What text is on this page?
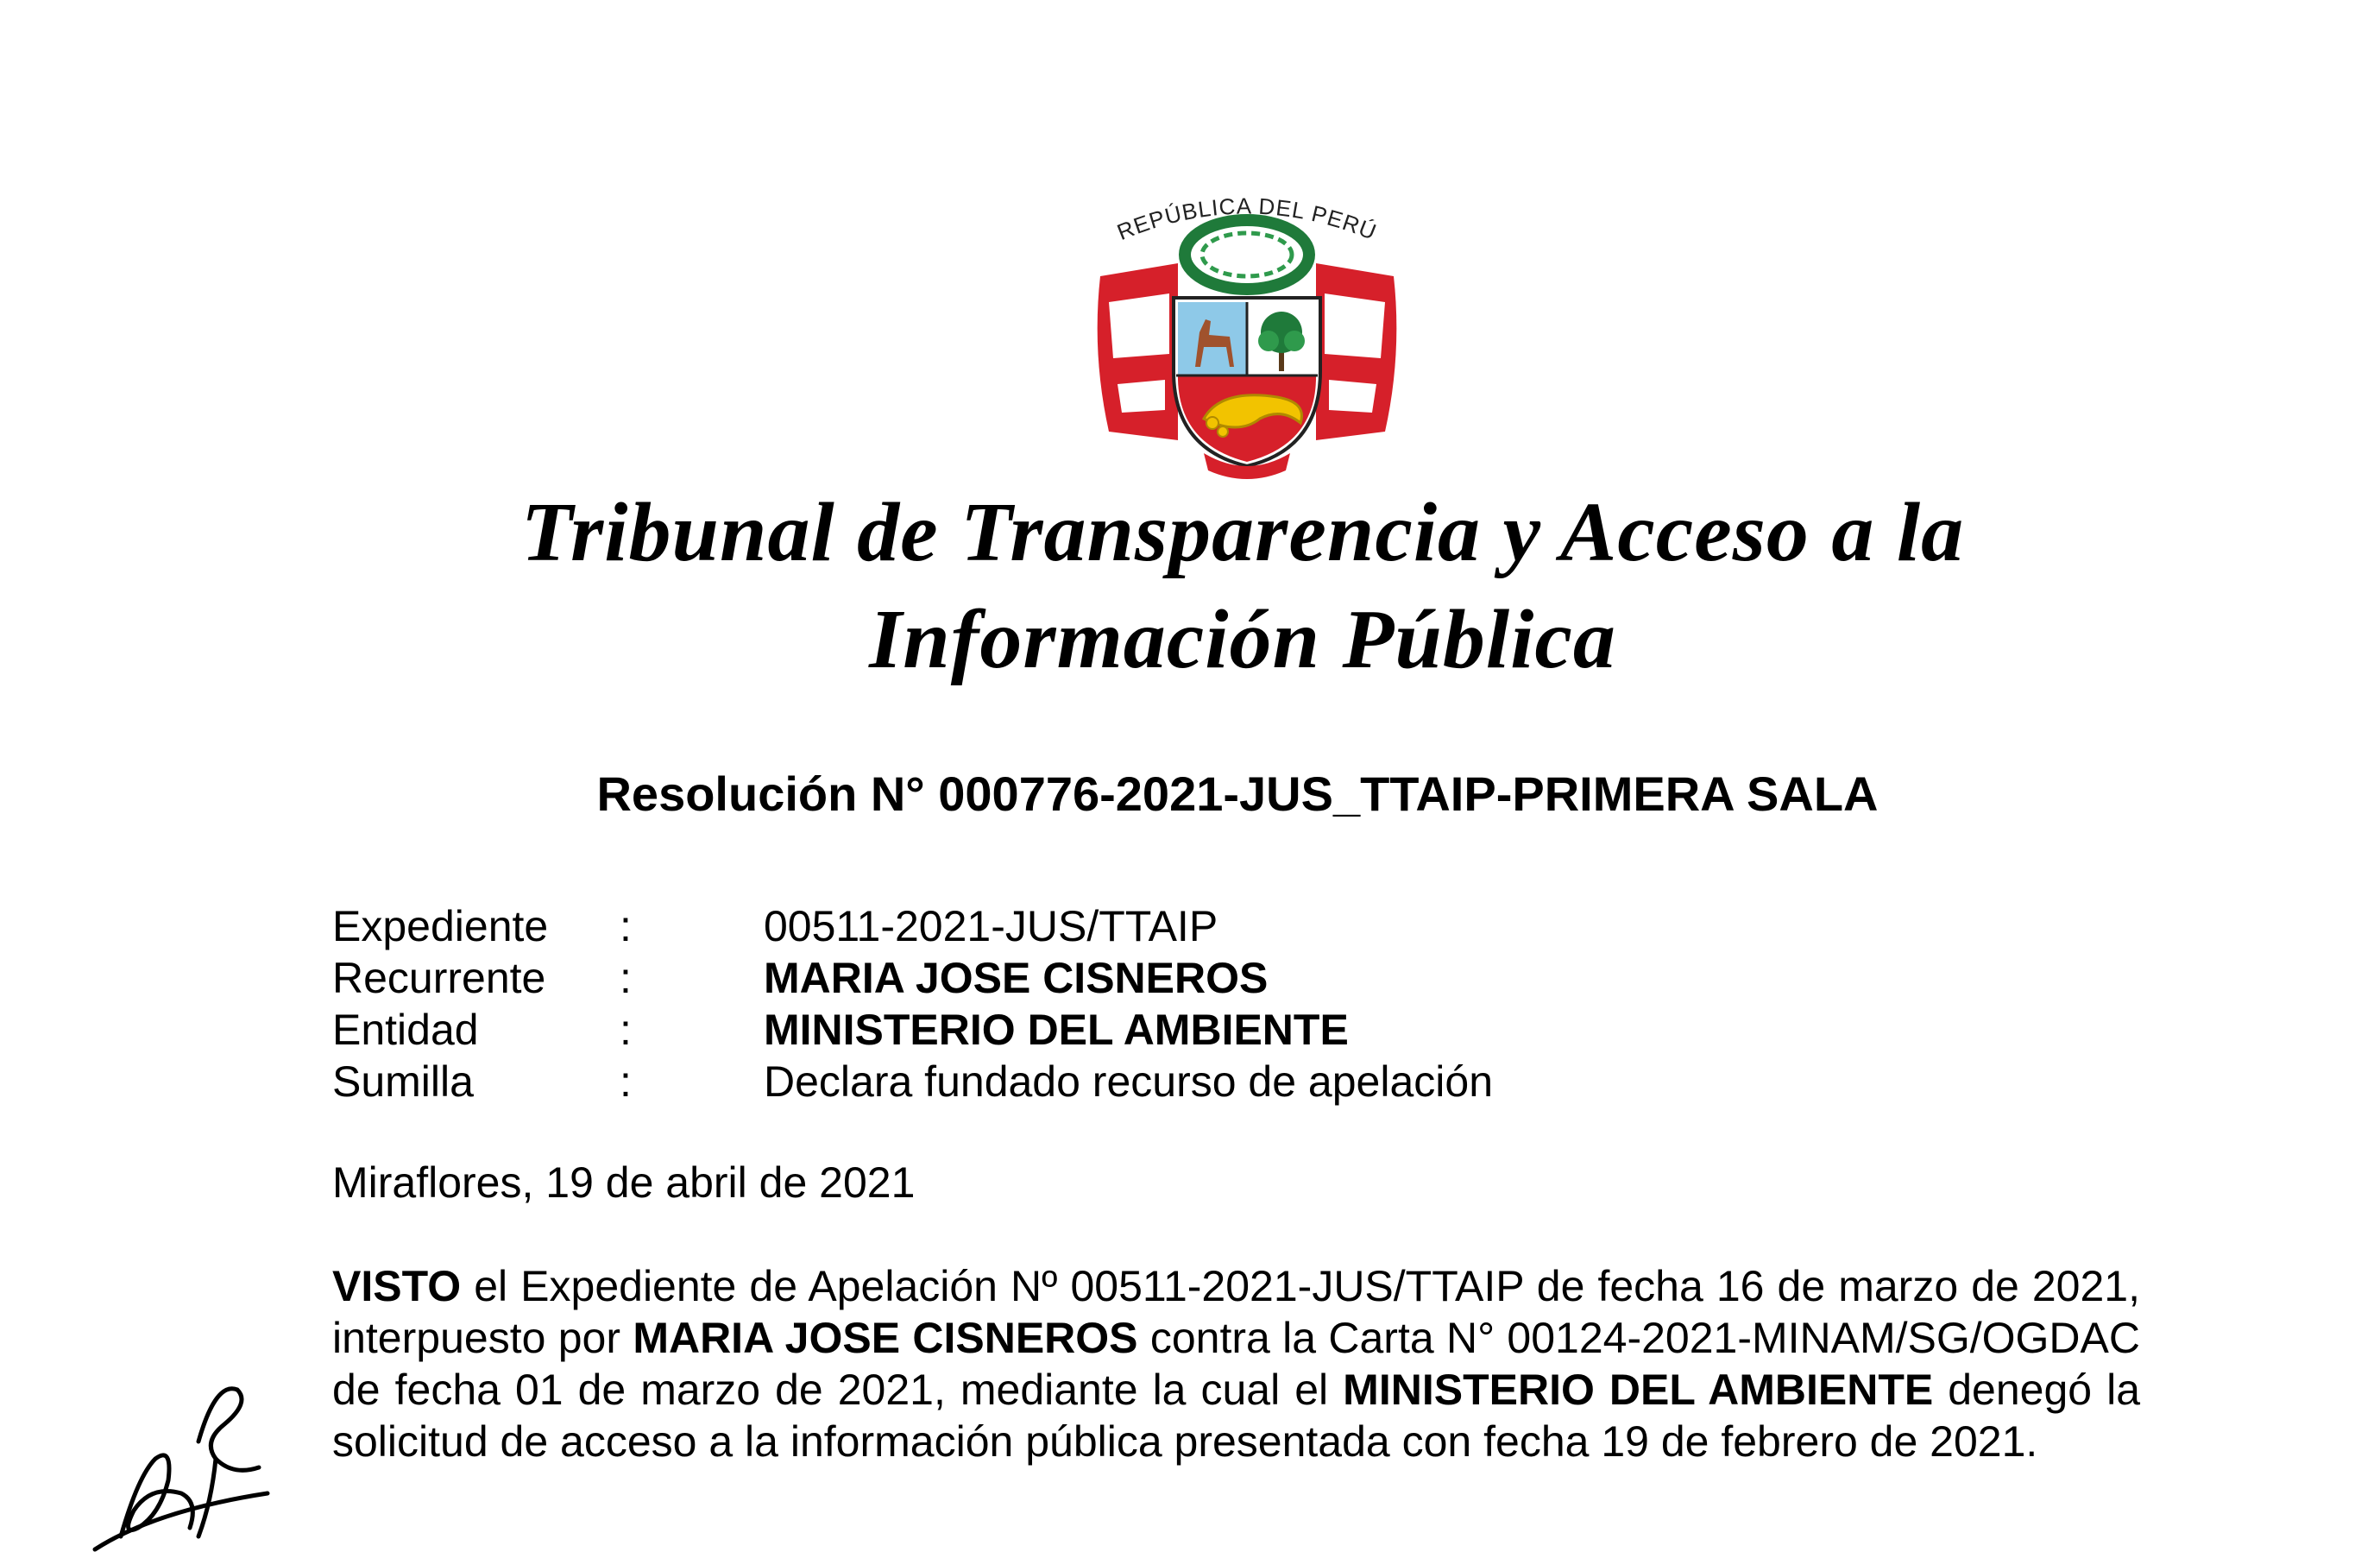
REPÚBLICA DEL PERÚ
Tribunal de Transparencia y Acceso a la Información Pública
Resolución N° 000776-2021-JUS_TTAIP-PRIMERA SALA
Expediente :	00511-2021-JUS/TTAIP
Recurrente :	MARIA JOSE CISNEROS
Entidad	:	MINISTERIO DEL AMBIENTE
Sumilla	:	Declara fundado recurso de apelación
Miraflores, 19 de abril de 2021

VISTO el Expediente de Apelación Nº 00511-2021-JUS/TTAIP de fecha 16 de marzo de 2021, interpuesto por MARIA JOSE CISNEROS contra la Carta N° 00124-2021-MINAM/SG/OGDAC de fecha 01 de marzo de 2021, mediante la cual el MINISTERIO DEL AMBIENTE denegó la solicitud de acceso a la información pública presentada con fecha 19 de febrero de 2021.
